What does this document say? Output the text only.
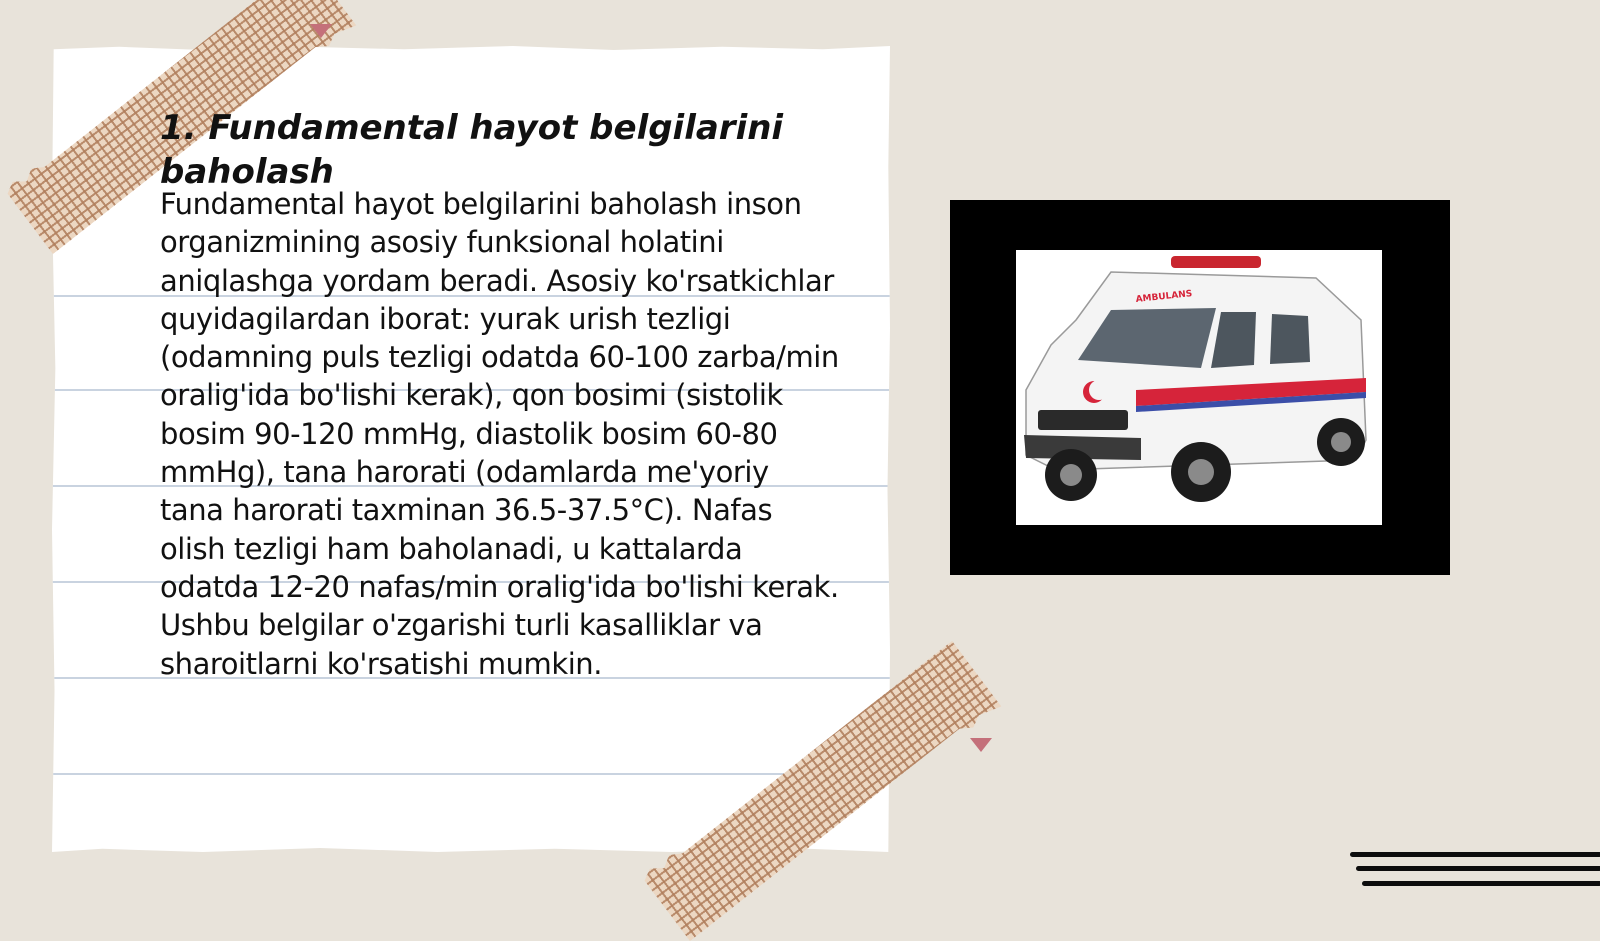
1. Fundamental hayot belgilarini baholash

Fundamental hayot belgilarini baholash inson organizmining asosiy funksional holatini aniqlashga yordam beradi. Asosiy ko'rsatkichlar quyidagilardan iborat: yurak urish tezligi (odamning puls tezligi odatda 60-100 zarba/min oralig'ida bo'lishi kerak), qon bosimi (sistolik bosim 90-120 mmHg, diastolik bosim 60-80 mmHg), tana harorati (odamlarda me'yoriy tana harorati taxminan 36.5-37.5°C). Nafas olish tezligi ham baholanadi, u kattalarda odatda 12-20 nafas/min oralig'ida bo'lishi kerak. Ushbu belgilar o'zgarishi turli kasalliklar va sharoitlarni ko'rsatishi mumkin.

AMBULANS
